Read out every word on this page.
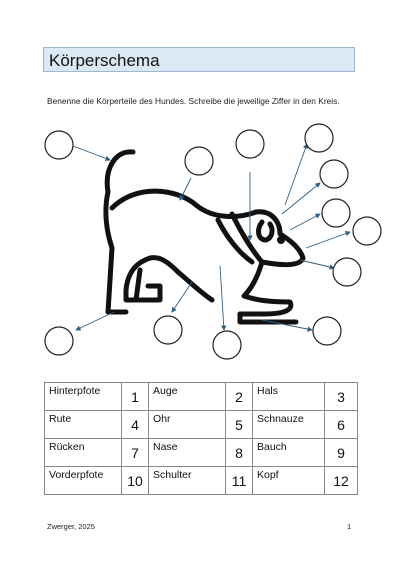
Körperschema
Benenne die Körperteile des Hundes. Schreibe die jeweilige Ziffer in den Kreis.
Hinterpfote	1	Auge	2	Hals	3
Rute	4	Ohr	5	Schnauze	6
Rücken	7	Nase	8	Bauch	9
Vorderpfote	10	Schulter	11	Kopf	12
Zwerger, 2025	1
